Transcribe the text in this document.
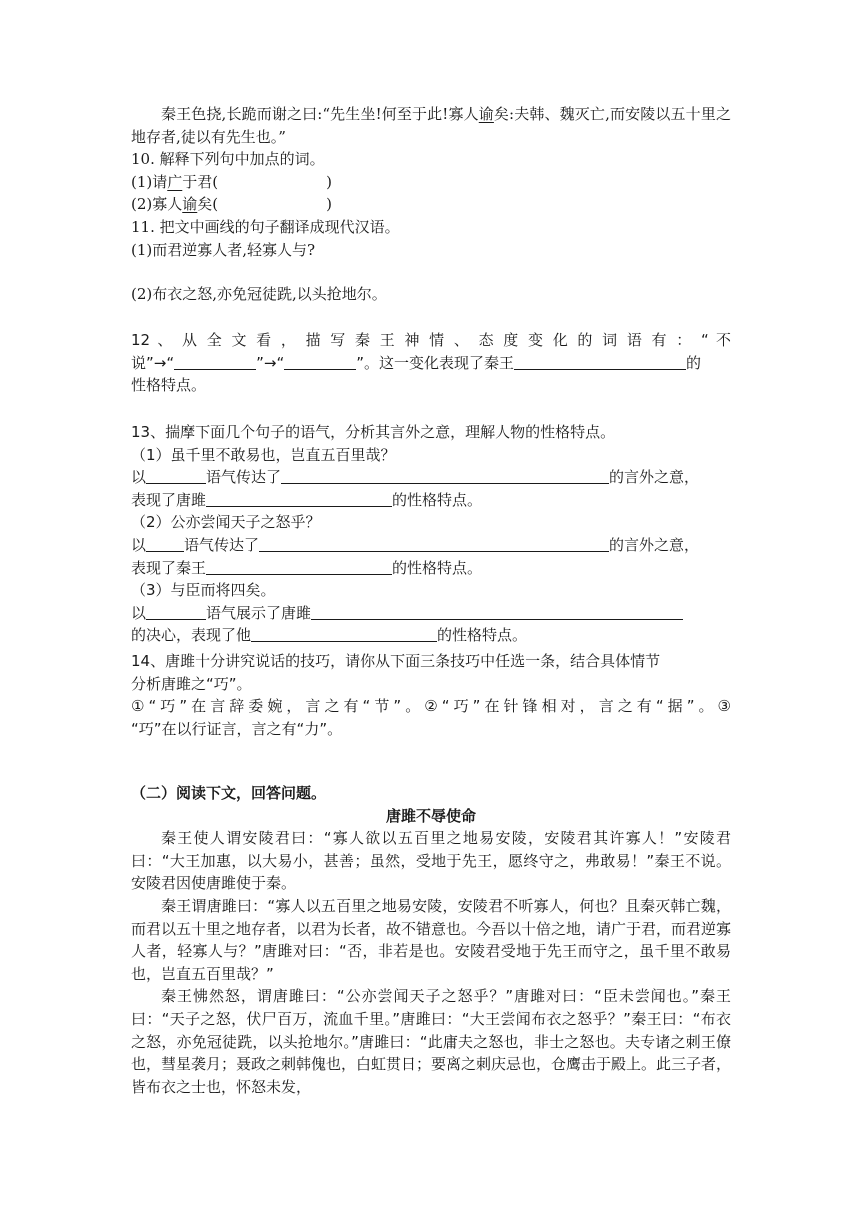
秦王色挠,长跪而谢之曰:“先生坐!何至于此!寡人谕矣:夫韩、魏灭亡,而安陵以五十里之地存者,徒以有先生也。”

10. 解释下列句中加点的词。

(1)请广于君(	)

(2)寡人谕矣(	)

11. 把文中画线的句子翻译成现代汉语。

(1)而君逆寡人者,轻寡人与?

(2)布衣之怒,亦免冠徒跣,以头抢地尔。

12 、 从 全 文 看 ， 描 写 秦 王 神 情 、 态 度 变 化 的 词 语 有 ： “ 不

说”→“	”→“	”。这一变化表现了秦王	的

性格特点。

13、揣摩下面几个句子的语气，分析其言外之意，理解人物的性格特点。

（1）虽千里不敢易也，岂直五百里哉？

以	语气传达了	的言外之意，

表现了唐雎	的性格特点。

（2）公亦尝闻天子之怒乎？

以	语气传达了	的言外之意，

表现了秦王	的性格特点。

（3）与臣而将四矣。

以	语气展示了唐雎

的决心，表现了他	的性格特点。

14、唐雎十分讲究说话的技巧，请你从下面三条技巧中任选一条，结合具体情节

分析唐雎之“巧”。

①“巧”在言辞委婉，言之有“节”。②“巧”在针锋相对，言之有“据”。③

“巧”在以行证言，言之有“力”。

（二）阅读下文，回答问题。

唐雎不辱使命

秦王使人谓安陵君曰：“寡人欲以五百里之地易安陵，安陵君其许寡人！”安陵君曰：“大王加惠，以大易小，甚善；虽然，受地于先王，愿终守之，弗敢易！”秦王不说。安陵君因使唐雎使于秦。

秦王谓唐雎曰：“寡人以五百里之地易安陵，安陵君不听寡人，何也？且秦灭韩亡魏，而君以五十里之地存者，以君为长者，故不错意也。今吾以十倍之地，请广于君，而君逆寡人者，轻寡人与？”唐雎对曰：“否，非若是也。安陵君受地于先王而守之，虽千里不敢易也，岂直五百里哉？”

秦王怫然怒，谓唐雎曰：“公亦尝闻天子之怒乎？”唐雎对曰：“臣未尝闻也。”秦王曰：“天子之怒，伏尸百万，流血千里。”唐雎曰：“大王尝闻布衣之怒乎？”秦王曰：“布衣之怒，亦免冠徒跣，以头抢地尔。”唐雎曰：“此庸夫之怒也，非士之怒也。夫专诸之刺王僚也，彗星袭月；聂政之刺韩傀也，白虹贯日；要离之刺庆忌也，仓鹰击于殿上。此三子者，皆布衣之士也，怀怒未发，
